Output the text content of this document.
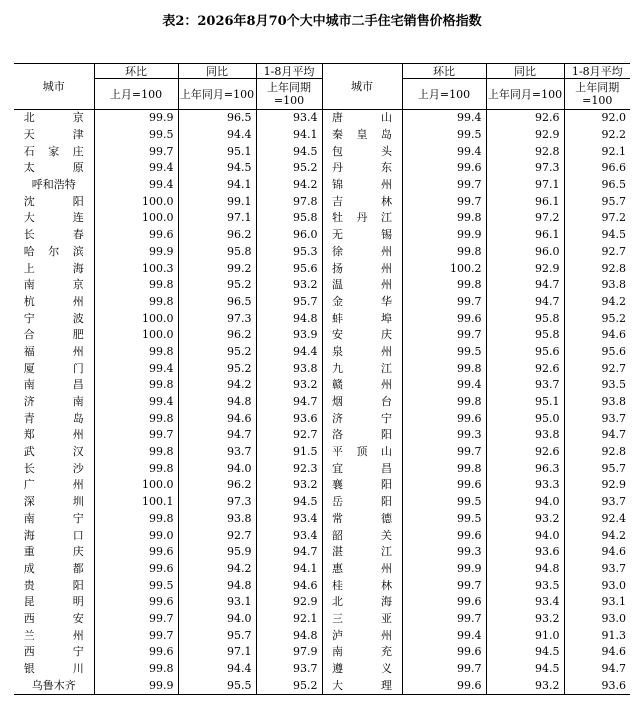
表2：2026年8月70个大中城市二手住宅销售价格指数
城市	环比	同比	1-8月平均	城市	环比	同比	1-8月平均
	上月=100	上年同月=100	上年同期=100		上月=100	上年同月=100	上年同期=100

北 京	99.9	96.5	93.4	唐 山	99.4	92.6	92.0

天 津	99.5	94.4	94.1	秦 皇 岛	99.5	92.9	92.2

石 家 庄	99.7	95.1	94.5	包 头	99.4	92.8	92.1

太 原	99.4	94.5	95.2	丹 东	99.6	97.3	96.6
呼和浩特	99.4	94.1	94.2	锦 州	99.7	97.1	96.5

沈 阳	100.0	99.1	97.8	吉 林	99.7	96.1	95.7

大 连	100.0	97.1	95.8	牡 丹 江	99.8	97.2	97.2

长 春	99.6	96.2	96.0	无 锡	99.9	96.1	94.5

哈 尔 滨	99.9	95.8	95.3	徐 州	99.8	96.0	92.7

上 海	100.3	99.2	95.6	扬 州	100.2	92.9	92.8

南 京	99.8	95.2	93.2	温 州	99.8	94.7	93.8

杭 州	99.8	96.5	95.7	金 华	99.7	94.7	94.2

宁 波	100.0	97.3	94.8	蚌 埠	99.6	95.8	95.2

合 肥	100.0	96.2	93.9	安 庆	99.7	95.8	94.6

福 州	99.8	95.2	94.4	泉 州	99.5	95.6	95.6

厦 门	99.4	95.2	93.8	九 江	99.8	92.6	92.7

南 昌	99.8	94.2	93.2	赣 州	99.4	93.7	93.5

济 南	99.4	94.8	94.7	烟 台	99.8	95.1	93.8

青 岛	99.8	94.6	93.6	济 宁	99.6	95.0	93.7

郑 州	99.7	94.7	92.7	洛 阳	99.3	93.8	94.7

武 汉	99.8	93.7	91.5	平 顶 山	99.7	92.6	92.8

长 沙	99.8	94.0	92.3	宜 昌	99.8	96.3	95.7

广 州	100.0	96.2	93.2	襄 阳	99.6	93.3	92.9

深 圳	100.1	97.3	94.5	岳 阳	99.5	94.0	93.7

南 宁	99.8	93.8	93.4	常 德	99.5	93.2	92.4

海 口	99.0	92.7	93.4	韶 关	99.6	94.0	94.2

重 庆	99.6	95.9	94.7	湛 江	99.3	93.6	94.6

成 都	99.6	94.2	94.1	惠 州	99.9	94.8	93.7

贵 阳	99.5	94.8	94.6	桂 林	99.7	93.5	93.0

昆 明	99.6	93.1	92.9	北 海	99.6	93.4	93.1

西 安	99.7	94.0	92.1	三 亚	99.7	93.2	93.0

兰 州	99.7	95.7	94.8	泸 州	99.4	91.0	91.3

西 宁	99.6	97.1	97.9	南 充	99.6	94.5	94.6

银 川	99.8	94.4	93.7	遵 义	99.7	94.5	94.7
乌鲁木齐	99.9	95.5	95.2	大 理	99.6	93.2	93.6
